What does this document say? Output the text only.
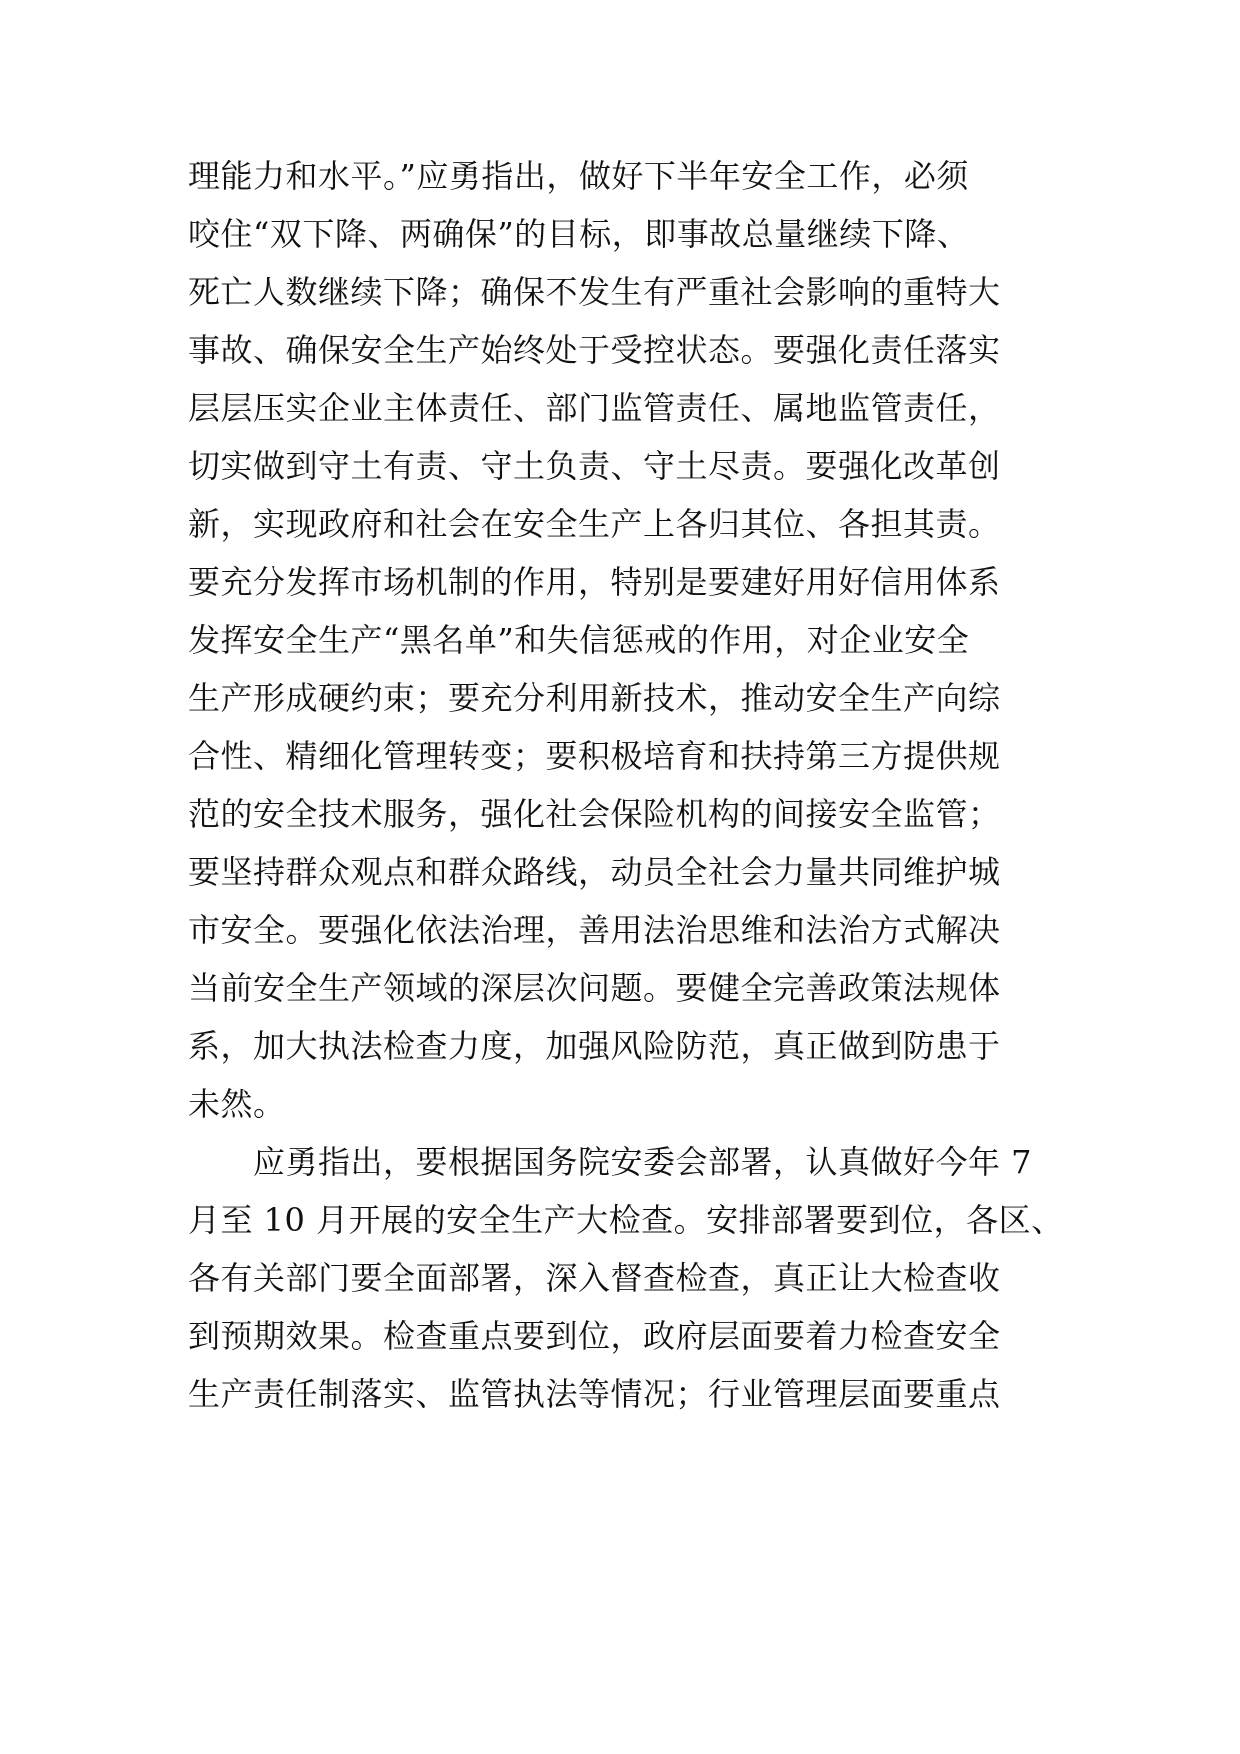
理能力和水平。”应勇指出，做好下半年安全工作，必须
咬住“双下降、两确保”的目标，即事故总量继续下降、
死亡人数继续下降；确保不发生有严重社会影响的重特大
事故、确保安全生产始终处于受控状态。要强化责任落实
层层压实企业主体责任、部门监管责任、属地监管责任，
切实做到守土有责、守土负责、守土尽责。要强化改革创
新，实现政府和社会在安全生产上各归其位、各担其责。
要充分发挥市场机制的作用，特别是要建好用好信用体系
发挥安全生产“黑名单”和失信惩戒的作用，对企业安全
生产形成硬约束；要充分利用新技术，推动安全生产向综
合性、精细化管理转变；要积极培育和扶持第三方提供规
范的安全技术服务，强化社会保险机构的间接安全监管；
要坚持群众观点和群众路线，动员全社会力量共同维护城
市安全。要强化依法治理，善用法治思维和法治方式解决
当前安全生产领域的深层次问题。要健全完善政策法规体
系，加大执法检查力度，加强风险防范，真正做到防患于
未然。
　　应勇指出，要根据国务院安委会部署，认真做好今年 7
月至 10 月开展的安全生产大检查。安排部署要到位，各区、
各有关部门要全面部署，深入督查检查，真正让大检查收
到预期效果。检查重点要到位，政府层面要着力检查安全
生产责任制落实、监管执法等情况；行业管理层面要重点
